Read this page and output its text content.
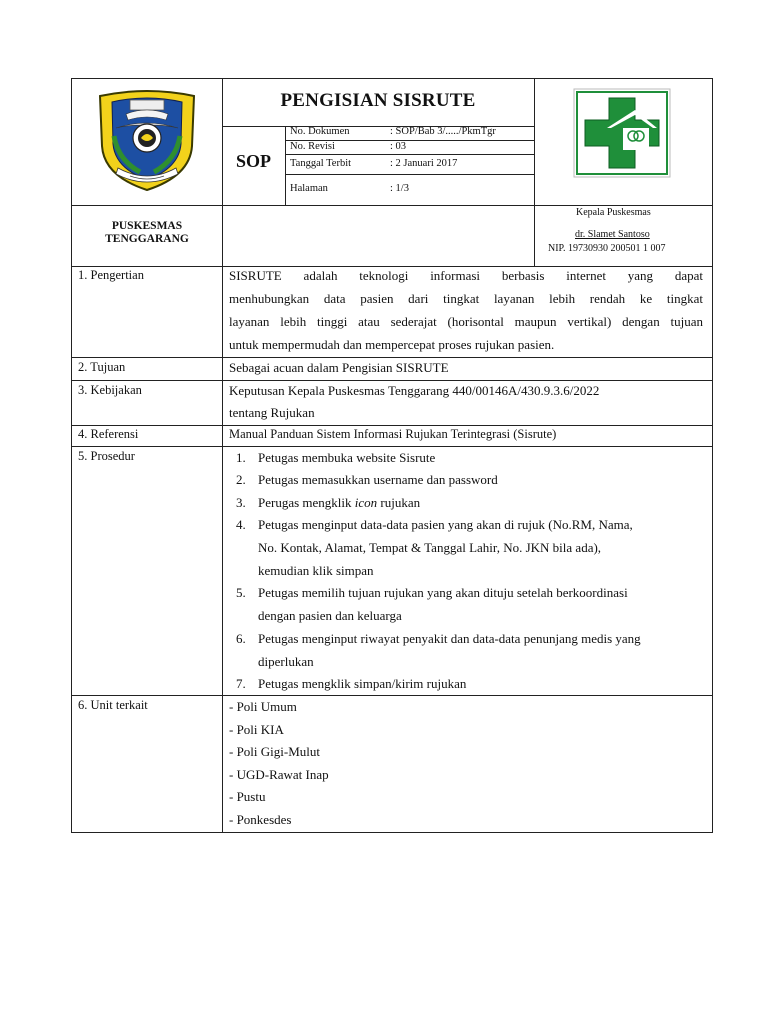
PENGISIAN SISRUTE
SOP
No. Dokumen	: SOP/Bab 3/...../PkmTgr
No. Revisi	: 03
Tanggal Terbit	: 2 Januari 2017
Halaman	: 1/3
PUSKESMAS
TENGGARANG
Kepala Puskesmas
dr. Slamet Santoso
NIP. 19730930 200501 1 007
1. Pengertian	SISRUTE adalah teknologi informasi berbasis internet yang dapat
menhubungkan data pasien dari tingkat layanan lebih rendah ke tingkat
layanan lebih tinggi atau sederajat (horisontal maupun vertikal) dengan tujuan
untuk mempermudah dan mempercepat proses rujukan pasien.
2. Tujuan	Sebagai acuan dalam Pengisian SISRUTE
3. Kebijakan	Keputusan Kepala Puskesmas Tenggarang 440/00146A/430.9.3.6/2022
tentang Rujukan
4. Referensi	Manual Panduan Sistem Informasi Rujukan Terintegrasi (Sisrute)
5. Prosedur	1. Petugas membuka website Sisrute
2. Petugas memasukkan username dan password
3. Perugas mengklik icon rujukan
4. Petugas menginput data-data pasien yang akan di rujuk (No.RM, Nama,
No. Kontak, Alamat, Tempat & Tanggal Lahir, No. JKN bila ada),
kemudian klik simpan
5. Petugas memilih tujuan rujukan yang akan dituju setelah berkoordinasi
dengan pasien dan keluarga
6. Petugas menginput riwayat penyakit dan data-data penunjang medis yang
diperlukan
7. Petugas mengklik simpan/kirim rujukan
6. Unit terkait	- Poli Umum
- Poli KIA
- Poli Gigi-Mulut
- UGD-Rawat Inap
- Pustu
- Ponkesdes
